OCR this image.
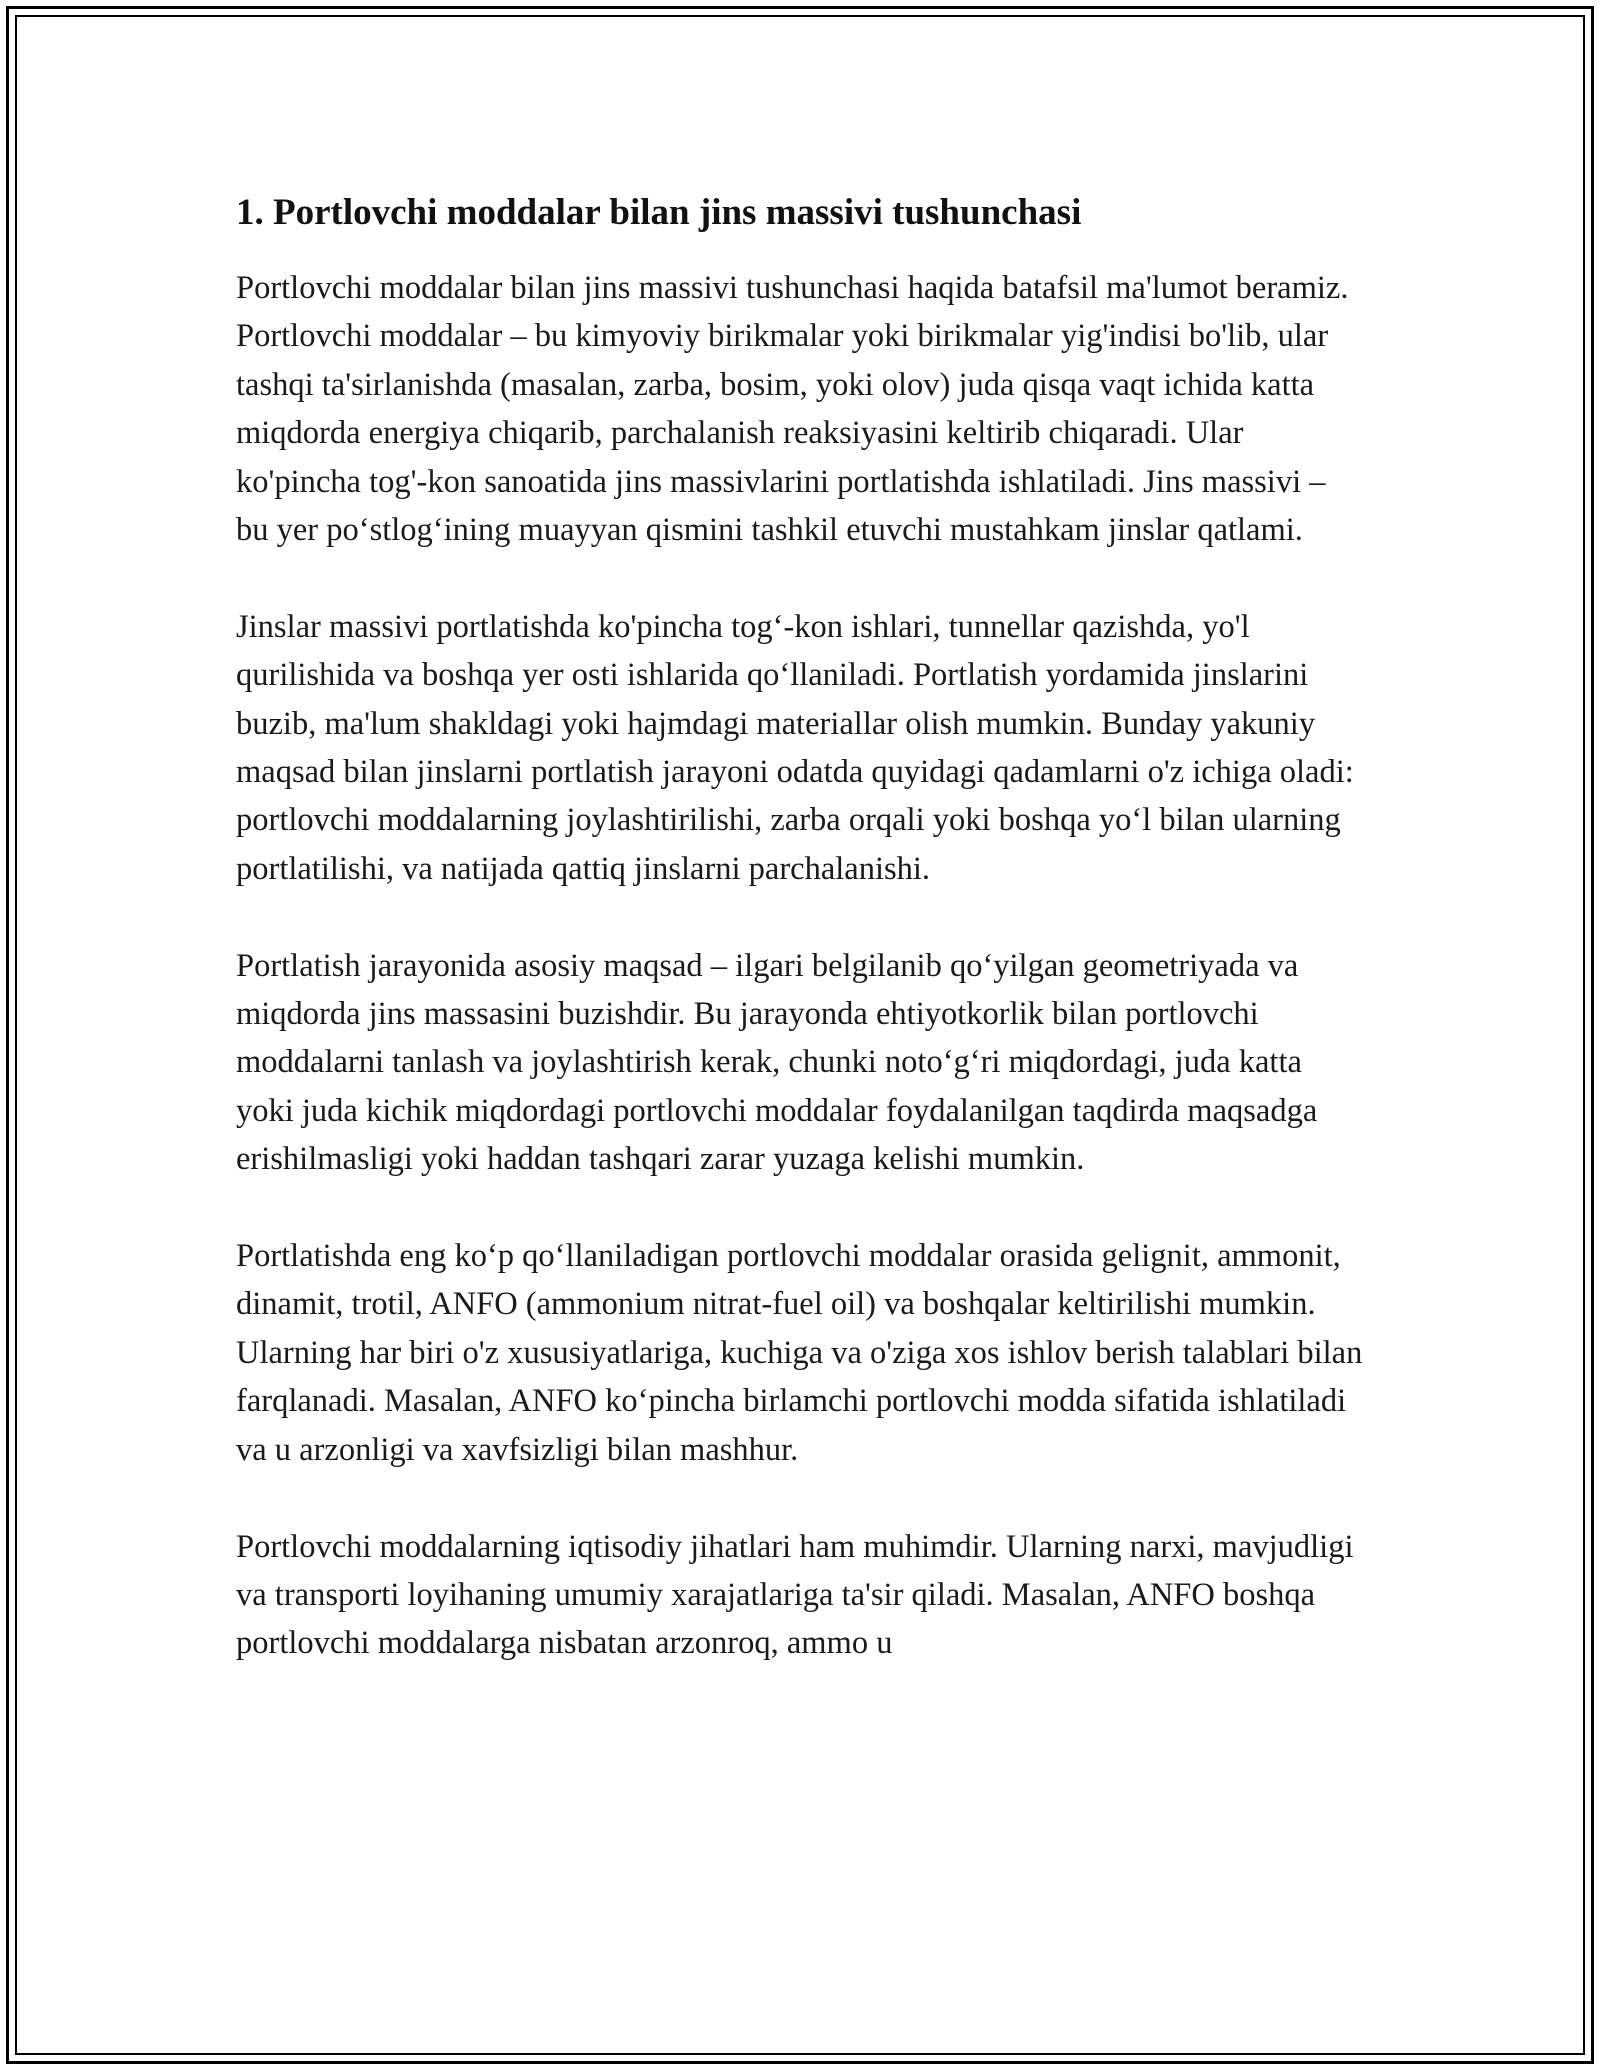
1. Portlovchi moddalar bilan jins massivi tushunchasi

Portlovchi moddalar bilan jins massivi tushunchasi haqida batafsil ma'lumot beramiz. Portlovchi moddalar – bu kimyoviy birikmalar yoki birikmalar yig'indisi bo'lib, ular tashqi ta'sirlanishda (masalan, zarba, bosim, yoki olov) juda qisqa vaqt ichida katta miqdorda energiya chiqarib, parchalanish reaksiyasini keltirib chiqaradi. Ular ko'pincha tog'-kon sanoatida jins massivlarini portlatishda ishlatiladi. Jins massivi – bu yer po‘stlog‘ining muayyan qismini tashkil etuvchi mustahkam jinslar qatlami.

Jinslar massivi portlatishda ko'pincha tog‘-kon ishlari, tunnellar qazishda, yo'l qurilishida va boshqa yer osti ishlarida qo‘llaniladi. Portlatish yordamida jinslarini buzib, ma'lum shakldagi yoki hajmdagi materiallar olish mumkin. Bunday yakuniy maqsad bilan jinslarni portlatish jarayoni odatda quyidagi qadamlarni o'z ichiga oladi: portlovchi moddalarning joylashtirilishi, zarba orqali yoki boshqa yo‘l bilan ularning portlatilishi, va natijada qattiq jinslarni parchalanishi.

Portlatish jarayonida asosiy maqsad – ilgari belgilanib qo‘yilgan geometriyada va miqdorda jins massasini buzishdir. Bu jarayonda ehtiyotkorlik bilan portlovchi moddalarni tanlash va joylashtirish kerak, chunki noto‘g‘ri miqdordagi, juda katta yoki juda kichik miqdordagi portlovchi moddalar foydalanilgan taqdirda maqsadga erishilmasligi yoki haddan tashqari zarar yuzaga kelishi mumkin.

Portlatishda eng ko‘p qo‘llaniladigan portlovchi moddalar orasida gelignit, ammonit, dinamit, trotil, ANFO (ammonium nitrat-fuel oil) va boshqalar keltirilishi mumkin. Ularning har biri o'z xususiyatlariga, kuchiga va o'ziga xos ishlov berish talablari bilan farqlanadi. Masalan, ANFO ko‘pincha birlamchi portlovchi modda sifatida ishlatiladi va u arzonligi va xavfsizligi bilan mashhur.

Portlovchi moddalarning iqtisodiy jihatlari ham muhimdir. Ularning narxi, mavjudligi va transporti loyihaning umumiy xarajatlariga ta'sir qiladi. Masalan, ANFO boshqa portlovchi moddalarga nisbatan arzonroq, ammo u
